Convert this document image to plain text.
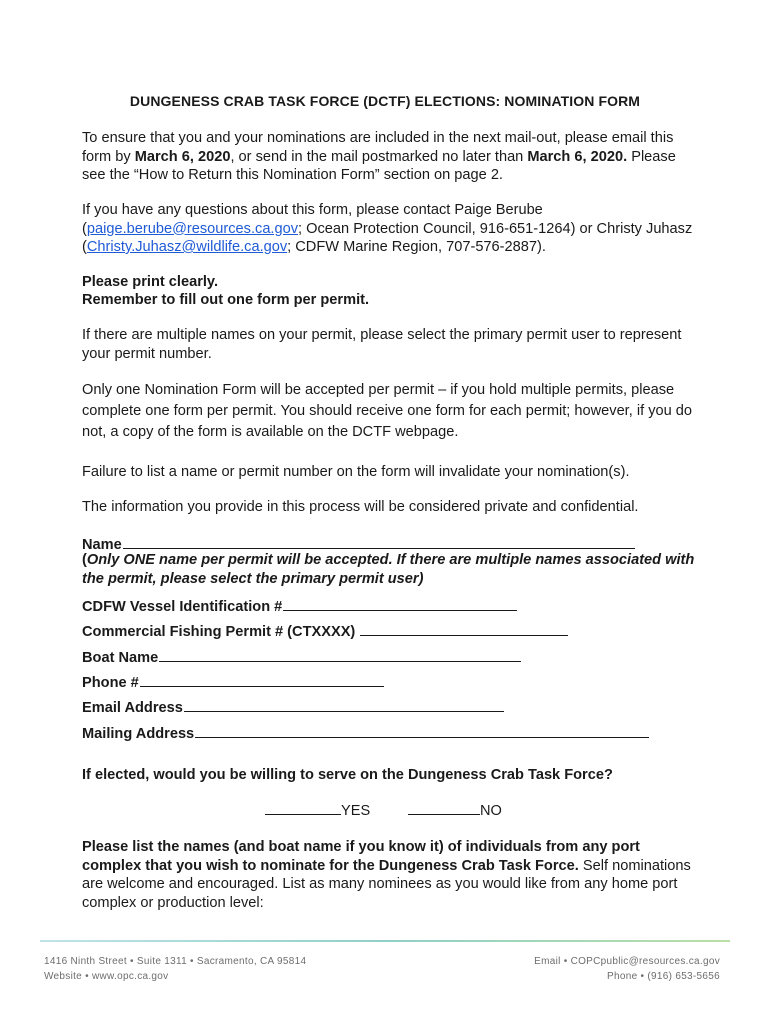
DUNGENESS CRAB TASK FORCE (DCTF) ELECTIONS: NOMINATION FORM
To ensure that you and your nominations are included in the next mail-out, please email this form by March 6, 2020, or send in the mail postmarked no later than March 6, 2020. Please see the “How to Return this Nomination Form” section on page 2.
If you have any questions about this form, please contact Paige Berube (paige.berube@resources.ca.gov; Ocean Protection Council, 916-651-1264) or Christy Juhasz (Christy.Juhasz@wildlife.ca.gov; CDFW Marine Region, 707-576-2887).
Please print clearly.
Remember to fill out one form per permit.
If there are multiple names on your permit, please select the primary permit user to represent your permit number.
Only one Nomination Form will be accepted per permit – if you hold multiple permits, please complete one form per permit. You should receive one form for each permit; however, if you do not, a copy of the form is available on the DCTF webpage.
Failure to list a name or permit number on the form will invalidate your nomination(s).
The information you provide in this process will be considered private and confidential.
Name
(Only ONE name per permit will be accepted. If there are multiple names associated with the permit, please select the primary permit user)
CDFW Vessel Identification #
Commercial Fishing Permit # (CTXXXX)
Boat Name
Phone #
Email Address
Mailing Address
If elected, would you be willing to serve on the Dungeness Crab Task Force?
YES	NO
Please list the names (and boat name if you know it) of individuals from any port complex that you wish to nominate for the Dungeness Crab Task Force. Self nominations are welcome and encouraged. List as many nominees as you would like from any home port complex or production level:
1416 Ninth Street • Suite 1311 • Sacramento, CA 95814
Website • www.opc.ca.gov
Email • COPCpublic@resources.ca.gov
Phone • (916) 653-5656
